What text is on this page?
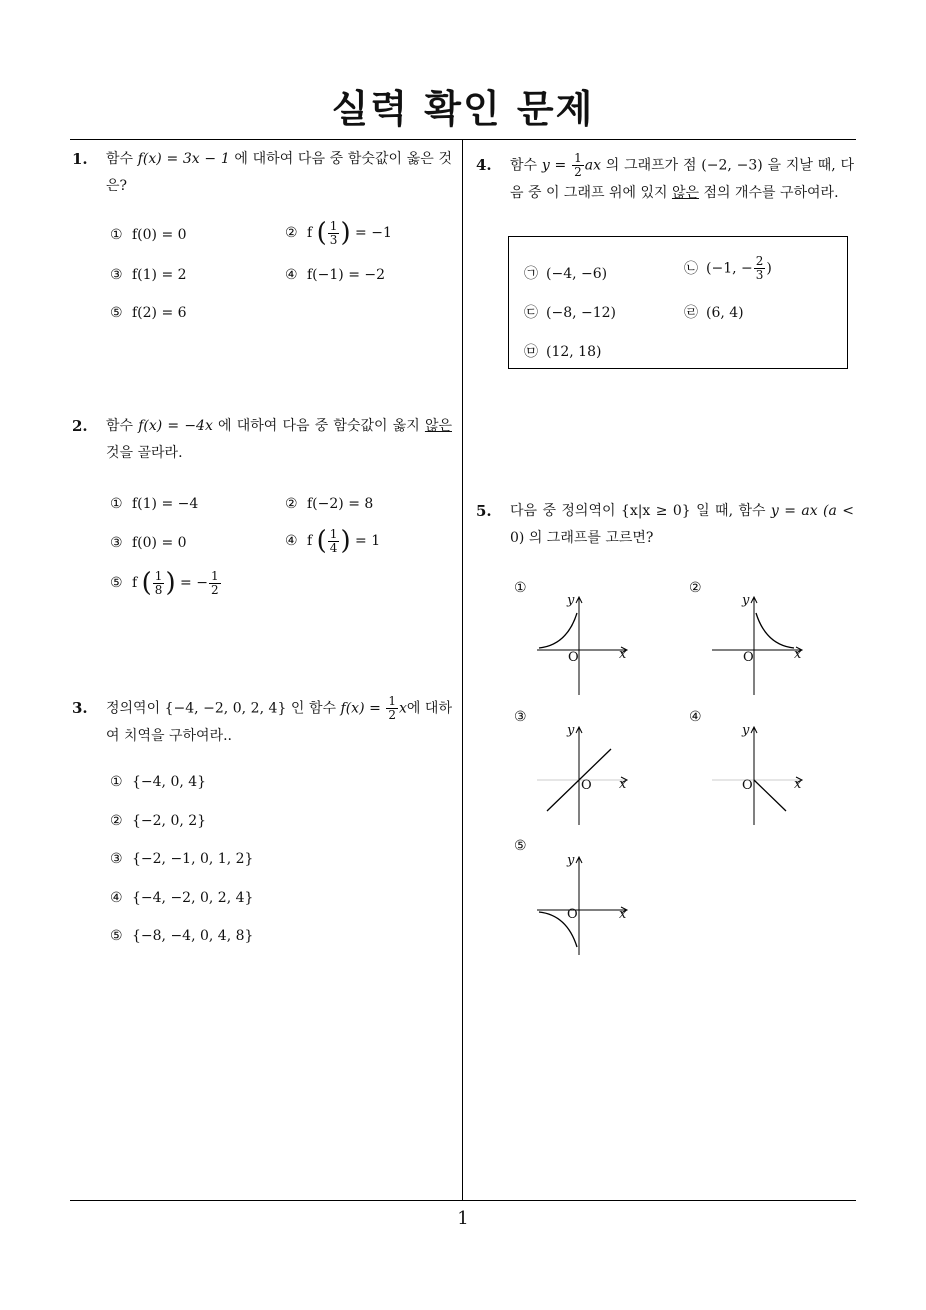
실력 확인 문제
1
1. 함수 f(x) = 3x − 1 에 대하여 다음 중 함숫값이 옳은 것은?
① f(0) = 0	② f ( $\frac{1}{3}$ ) = −1
③ f(1) = 2	④ f(−1) = −2
⑤ f(2) = 6
2. 함수 f(x) = −4x 에 대하여 다음 중 함숫값이 옳지 않은 것을 골라라.
① f(1) = −4	② f(−2) = 8
③ f(0) = 0	④ f ( $\frac{1}{4}$ ) = 1
⑤ f ( $\frac{1}{8}$ ) = − $\frac{1}{2}$
3. 정의역이 {−4, −2, 0, 2, 4} 인 함수 $f(x) = \frac{1}{2}$ x에 대하여 치역을 구하여라..
① {−4, 0, 4}
② {−2, 0, 2}
③ {−2, −1, 0, 1, 2}
④ {−4, −2, 0, 2, 4}
⑤ {−8, −4, 0, 4, 8}
4. 함수 $y = \frac{1}{2}$ ax 의 그래프가 점 (−2, −3) 을 지날 때, 다음 중 이 그래프 위에 있지 않은 점의 개수를 구하여라.
㉠ (−4, −6)	㉡ (−1, − $\frac{2}{3}$ )
㉢ (−8, −12)	㉣ (6, 4)
㉤ (12, 18)
5. 다음 중 정의역이 {x|x ≥ 0} 일 때, 함수 y = ax (a < 0) 의 그래프를 고르면?
①
y
x
O
②
y
x
O
③
y
x
O
④
y
x
O
⑤
y
x
O
